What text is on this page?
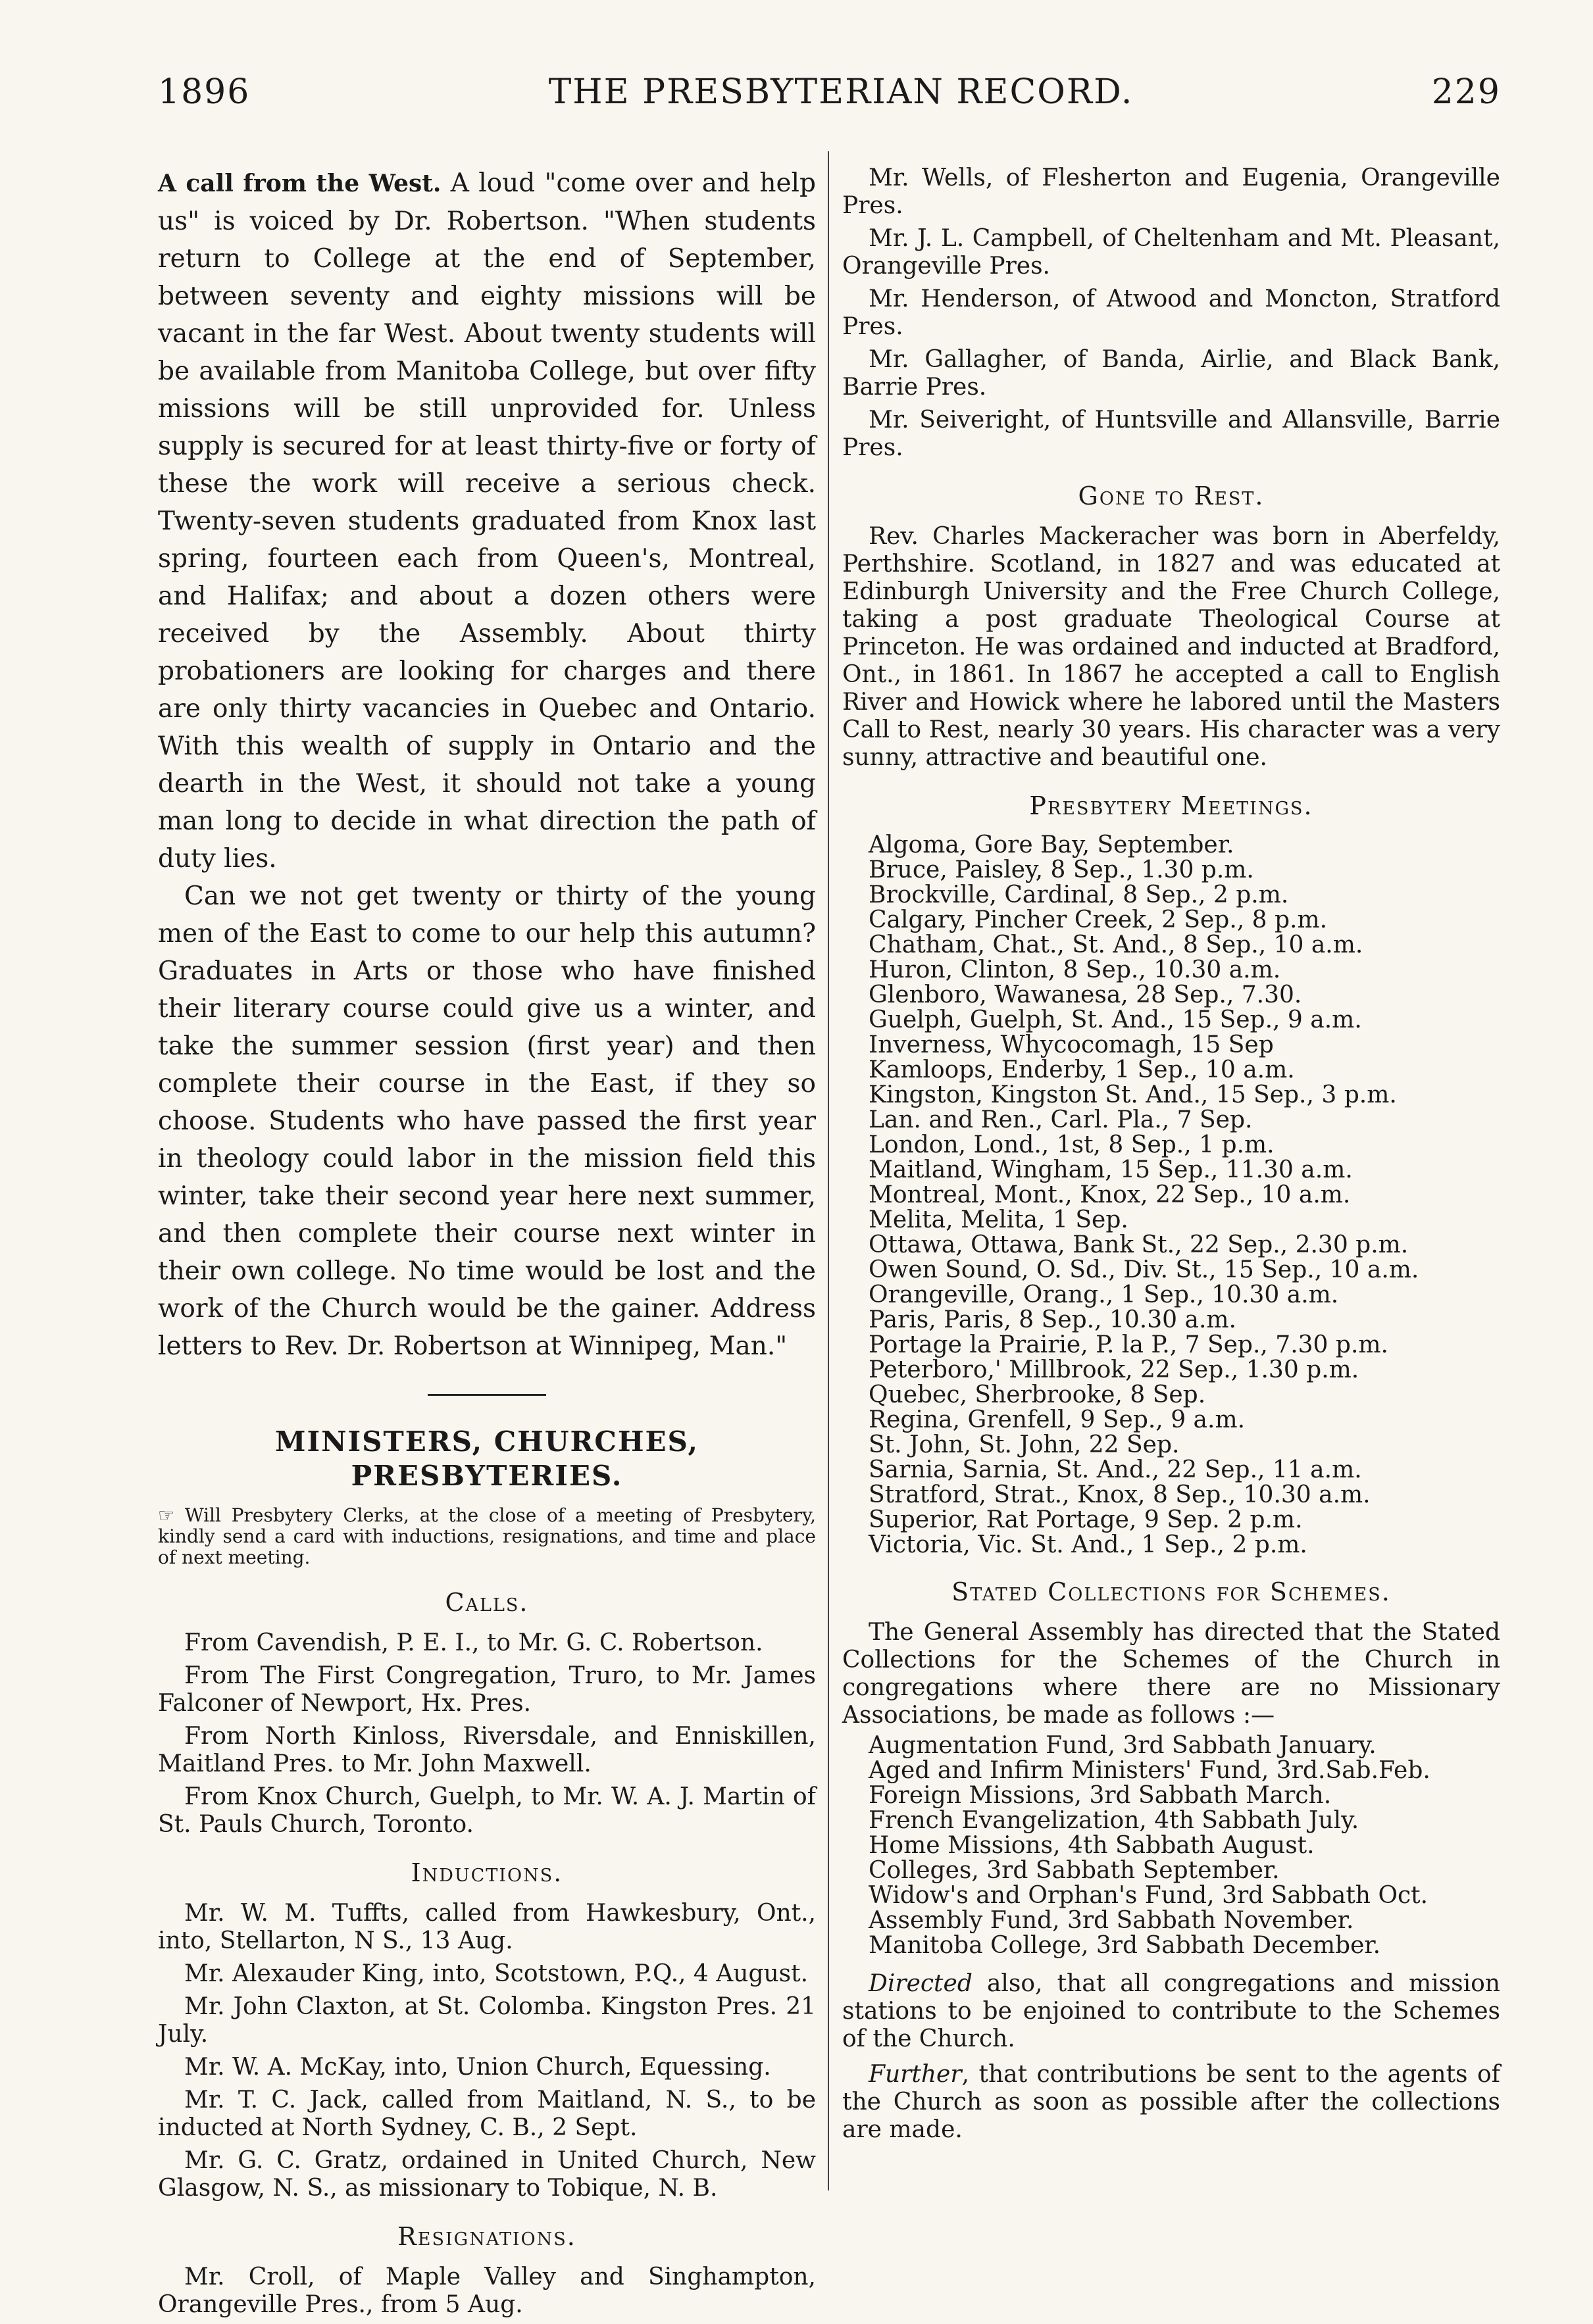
1896	THE PRESBYTERIAN RECORD.	229

A call from the West. A loud "come over and help us" is voiced by Dr. Robertson. "When students return to College at the end of September, between seventy and eighty missions will be vacant in the far West. About twenty students will be available from Manitoba College, but over fifty missions will be still unprovided for. Unless supply is secured for at least thirty-five or forty of these the work will receive a serious check. Twenty-seven students graduated from Knox last spring, fourteen each from Queen's, Montreal, and Halifax; and about a dozen others were received by the Assembly. About thirty probationers are looking for charges and there are only thirty vacancies in Quebec and Ontario. With this wealth of supply in Ontario and the dearth in the West, it should not take a young man long to decide in what direction the path of duty lies.

Can we not get twenty or thirty of the young men of the East to come to our help this autumn? Graduates in Arts or those who have finished their literary course could give us a winter, and take the summer session (first year) and then complete their course in the East, if they so choose. Students who have passed the first year in theology could labor in the mission field this winter, take their second year here next summer, and then complete their course next winter in their own college. No time would be lost and the work of the Church would be the gainer. Address letters to Rev. Dr. Robertson at Winnipeg, Man."

MINISTERS, CHURCHES,
PRESBYTERIES.

☞ Will Presbytery Clerks, at the close of a meeting of Presbytery, kindly send a card with inductions, resignations, and time and place of next meeting.

Calls.

From Cavendish, P. E. I., to Mr. G. C. Robertson.

From The First Congregation, Truro, to Mr. James Falconer of Newport, Hx. Pres.

From North Kinloss, Riversdale, and Enniskillen, Maitland Pres. to Mr. John Maxwell.

From Knox Church, Guelph, to Mr. W. A. J. Martin of St. Pauls Church, Toronto.

Inductions.

Mr. W. M. Tuffts, called from Hawkesbury, Ont., into, Stellarton, N S., 13 Aug.

Mr. Alexauder King, into, Scotstown, P.Q., 4 August.

Mr. John Claxton, at St. Colomba. Kingston Pres. 21 July.

Mr. W. A. McKay, into, Union Church, Equessing.

Mr. T. C. Jack, called from Maitland, N. S., to be inducted at North Sydney, C. B., 2 Sept.

Mr. G. C. Gratz, ordained in United Church, New Glasgow, N. S., as missionary to Tobique, N. B.

Resignations.

Mr. Croll, of Maple Valley and Singhampton, Orangeville Pres., from 5 Aug.

Mr. Wells, of Flesherton and Eugenia, Orangeville Pres.

Mr. J. L. Campbell, of Cheltenham and Mt. Pleasant, Orangeville Pres.

Mr. Henderson, of Atwood and Moncton, Stratford Pres.

Mr. Gallagher, of Banda, Airlie, and Black Bank, Barrie Pres.

Mr. Seiveright, of Huntsville and Allansville, Barrie Pres.

Gone to Rest.

Rev. Charles Mackeracher was born in Aberfeldy, Perthshire. Scotland, in 1827 and was educated at Edinburgh University and the Free Church College, taking a post graduate Theological Course at Princeton. He was ordained and inducted at Bradford, Ont., in 1861. In 1867 he accepted a call to English River and Howick where he labored until the Masters Call to Rest, nearly 30 years. His character was a very sunny, attractive and beautiful one.

Presbytery Meetings.
Algoma, Gore Bay, September.
Bruce, Paisley, 8 Sep., 1.30 p.m.
Brockville, Cardinal, 8 Sep., 2 p.m.
Calgary, Pincher Creek, 2 Sep., 8 p.m.
Chatham, Chat., St. And., 8 Sep., 10 a.m.
Huron, Clinton, 8 Sep., 10.30 a.m.
Glenboro, Wawanesa, 28 Sep., 7.30.
Guelph, Guelph, St. And., 15 Sep., 9 a.m.
Inverness, Whycocomagh, 15 Sep
Kamloops, Enderby, 1 Sep., 10 a.m.
Kingston, Kingston St. And., 15 Sep., 3 p.m.
Lan. and Ren., Carl. Pla., 7 Sep.
London, Lond., 1st, 8 Sep., 1 p.m.
Maitland, Wingham, 15 Sep., 11.30 a.m.
Montreal, Mont., Knox, 22 Sep., 10 a.m.
Melita, Melita, 1 Sep.
Ottawa, Ottawa, Bank St., 22 Sep., 2.30 p.m.
Owen Sound, O. Sd., Div. St., 15 Sep., 10 a.m.
Orangeville, Orang., 1 Sep., 10.30 a.m.
Paris, Paris, 8 Sep., 10.30 a.m.
Portage la Prairie, P. la P., 7 Sep., 7.30 p.m.
Peterboro,' Millbrook, 22 Sep., 1.30 p.m.
Quebec, Sherbrooke, 8 Sep.
Regina, Grenfell, 9 Sep., 9 a.m.
St. John, St. John, 22 Sep.
Sarnia, Sarnia, St. And., 22 Sep., 11 a.m.
Stratford, Strat., Knox, 8 Sep., 10.30 a.m.
Superior, Rat Portage, 9 Sep. 2 p.m.
Victoria, Vic. St. And., 1 Sep., 2 p.m.
Stated Collections for Schemes.

The General Assembly has directed that the Stated Collections for the Schemes of the Church in congregations where there are no Missionary Associations, be made as follows :—

Augmentation Fund, 3rd Sabbath January.
Aged and Infirm Ministers' Fund, 3rd.Sab.Feb.
Foreign Missions, 3rd Sabbath March.
French Evangelization, 4th Sabbath July.
Home Missions, 4th Sabbath August.
Colleges, 3rd Sabbath September.
Widow's and Orphan's Fund, 3rd Sabbath Oct.
Assembly Fund, 3rd Sabbath November.
Manitoba College, 3rd Sabbath December.

Directed also, that all congregations and mission stations to be enjoined to contribute to the Schemes of the Church.

Further, that contributions be sent to the agents of the Church as soon as possible after the collections are made.
